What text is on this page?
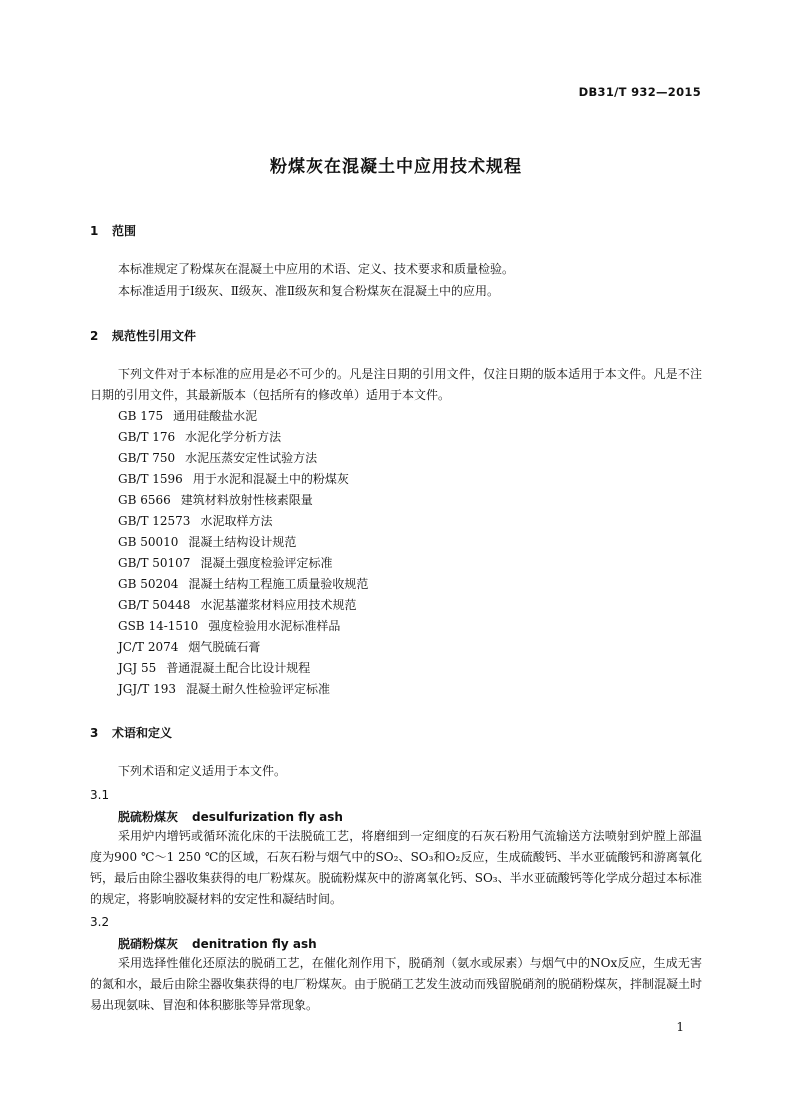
DB31/T 932—2015
粉煤灰在混凝土中应用技术规程
1 范围
本标准规定了粉煤灰在混凝土中应用的术语、定义、技术要求和质量检验。
本标准适用于Ⅰ级灰、Ⅱ级灰、准Ⅱ级灰和复合粉煤灰在混凝土中的应用。
2 规范性引用文件
下列文件对于本标准的应用是必不可少的。凡是注日期的引用文件，仅注日期的版本适用于本文件。凡是不注日期的引用文件，其最新版本（包括所有的修改单）适用于本文件。
GB 175 通用硅酸盐水泥
GB/T 176 水泥化学分析方法
GB/T 750 水泥压蒸安定性试验方法
GB/T 1596 用于水泥和混凝土中的粉煤灰
GB 6566 建筑材料放射性核素限量
GB/T 12573 水泥取样方法
GB 50010 混凝土结构设计规范
GB/T 50107 混凝土强度检验评定标准
GB 50204 混凝土结构工程施工质量验收规范
GB/T 50448 水泥基灌浆材料应用技术规范
GSB 14-1510 强度检验用水泥标准样品
JC/T 2074 烟气脱硫石膏
JGJ 55 普通混凝土配合比设计规程
JGJ/T 193 混凝土耐久性检验评定标准
3 术语和定义
下列术语和定义适用于本文件。
3.1
脱硫粉煤灰 desulfurization fly ash
采用炉内增钙或循环流化床的干法脱硫工艺，将磨细到一定细度的石灰石粉用气流输送方法喷射到炉膛上部温度为900 ℃～1 250 ℃的区域，石灰石粉与烟气中的SO₂、SO₃和O₂反应，生成硫酸钙、半水亚硫酸钙和游离氧化钙，最后由除尘器收集获得的电厂粉煤灰。脱硫粉煤灰中的游离氧化钙、SO₃、半水亚硫酸钙等化学成分超过本标准的规定，将影响胶凝材料的安定性和凝结时间。
3.2
脱硝粉煤灰 denitration fly ash
采用选择性催化还原法的脱硝工艺，在催化剂作用下，脱硝剂（氨水或尿素）与烟气中的NOx反应，生成无害的氮和水，最后由除尘器收集获得的电厂粉煤灰。由于脱硝工艺发生波动而残留脱硝剂的脱硝粉煤灰，拌制混凝土时易出现氨味、冒泡和体积膨胀等异常现象。
1
